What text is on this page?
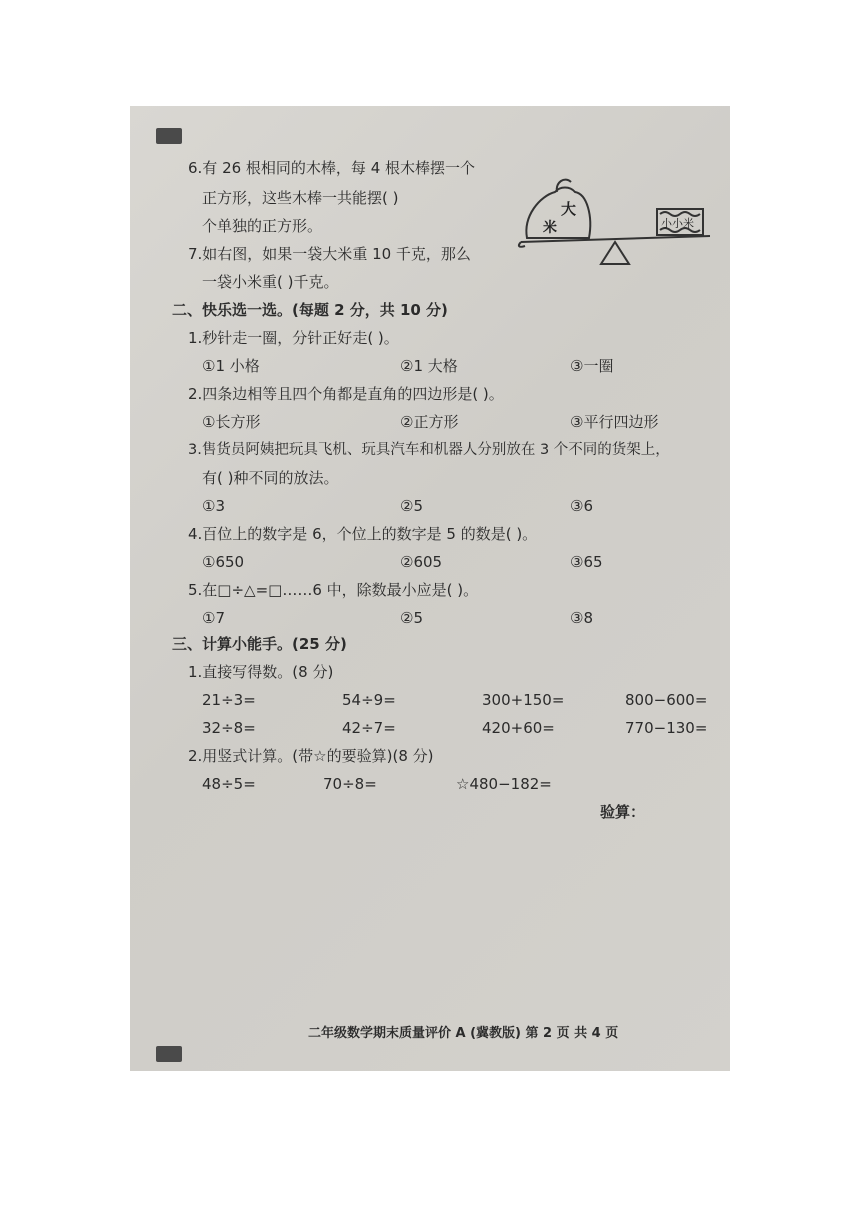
6.有 26 根相同的木棒，每 4 根木棒摆一个
正方形，这些木棒一共能摆( )
个单独的正方形。
7.如右图，如果一袋大米重 10 千克，那么
一袋小米重( )千克。
大
米	小小米
二、快乐选一选。(每题 2 分，共 10 分)
1.秒针走一圈，分针正好走( )。
①1 小格	②1 大格	③一圈
2.四条边相等且四个角都是直角的四边形是( )。
①长方形	②正方形	③平行四边形
3.售货员阿姨把玩具飞机、玩具汽车和机器人分别放在 3 个不同的货架上，
有( )种不同的放法。
①3	②5	③6
4.百位上的数字是 6，个位上的数字是 5 的数是( )。
①650	②605	③65
5.在□÷△=□……6 中，除数最小应是( )。
①7	②5	③8
三、计算小能手。(25 分)
1.直接写得数。(8 分)
21÷3=	54÷9=	300+150=	800−600=
32÷8=	42÷7=	420+60=	770−130=
2.用竖式计算。(带☆的要验算)(8 分)
48÷5=	70÷8=	☆480−182=
验算：
二年级数学期末质量评价 A (冀教版) 第 2 页 共 4 页
